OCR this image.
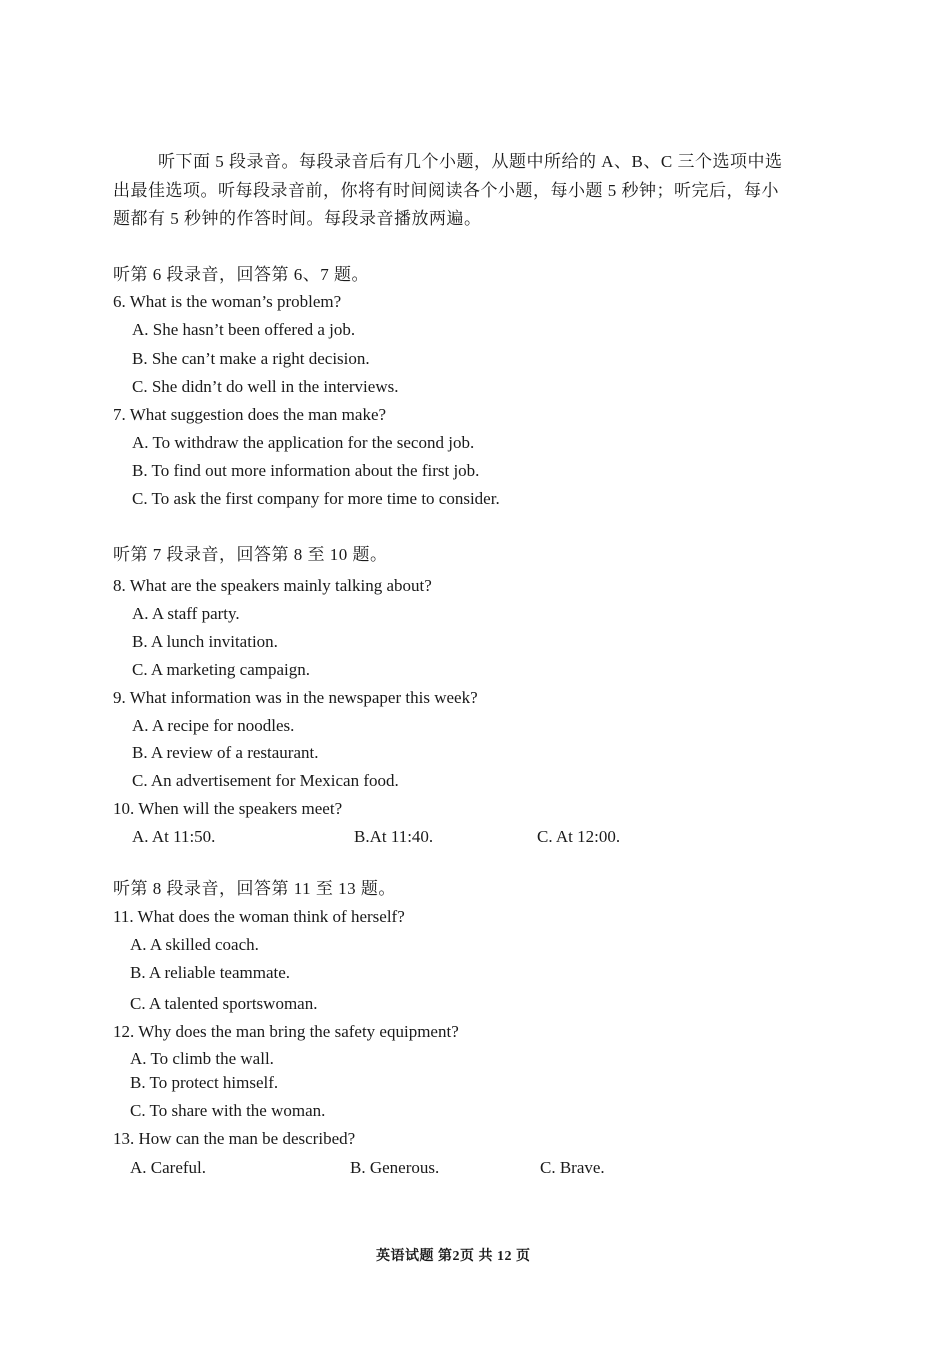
听下面 5 段录音。每段录音后有几个小题，从题中所给的 A、B、C 三个选项中选
出最佳选项。听每段录音前，你将有时间阅读各个小题，每小题 5 秒钟；听完后，每小
题都有 5 秒钟的作答时间。每段录音播放两遍。
听第 6 段录音，回答第 6、7 题。
6. What is the woman’s problem?
A. She hasn’t been offered a job.
B. She can’t make a right decision.
C. She didn’t do well in the interviews.
7. What suggestion does the man make?
A. To withdraw the application for the second job.
B. To find out more information about the first job.
C. To ask the first company for more time to consider.
听第 7 段录音，回答第 8 至 10 题。
8. What are the speakers mainly talking about?
A. A staff party.
B. A lunch invitation.
C. A marketing campaign.
9. What information was in the newspaper this week?
A. A recipe for noodles.
B. A review of a restaurant.
C. An advertisement for Mexican food.
10. When will the speakers meet?
A. At 11:50.	B.At 11:40.	C. At 12:00.
听第 8 段录音，回答第 11 至 13 题。
11. What does the woman think of herself?
A. A skilled coach.
B. A reliable teammate.
C. A talented sportswoman.
12. Why does the man bring the safety equipment?
A. To climb the wall.
B. To protect himself.
C. To share with the woman.
13. How can the man be described?
A. Careful.	B. Generous.	C. Brave.
英语试题 第2页 共 12 页
